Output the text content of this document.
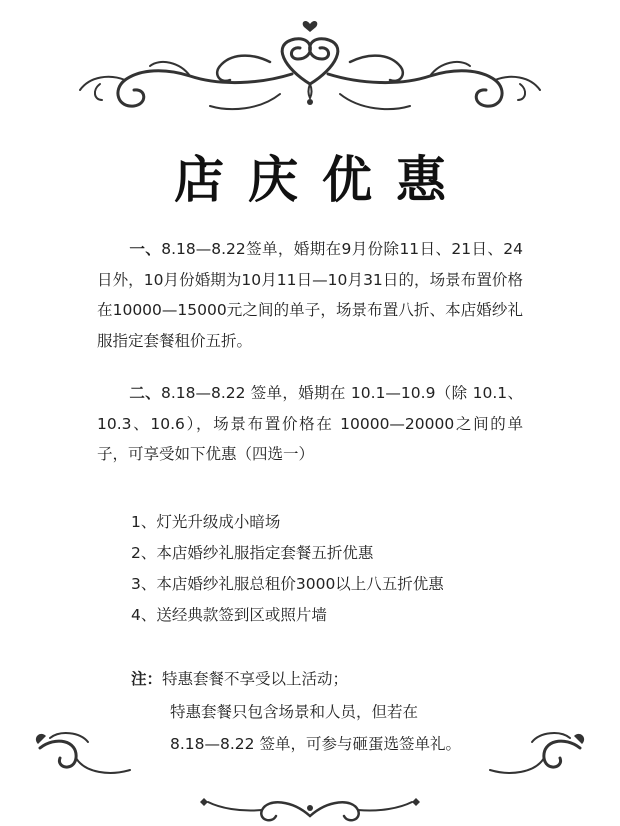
店庆优惠
一、8.18—8.22签单，婚期在9月份除11日、21日、24日外，10月份婚期为10月11日—10月31日的，场景布置价格在10000—15000元之间的单子，场景布置八折、本店婚纱礼服指定套餐租价五折。
二、8.18—8.22 签单，婚期在 10.1—10.9（除 10.1、10.3、10.6），场景布置价格在 10000—20000之间的单子，可享受如下优惠（四选一）
1、灯光升级成小暗场
2、本店婚纱礼服指定套餐五折优惠
3、本店婚纱礼服总租价3000以上八五折优惠
4、送经典款签到区或照片墙
注：特惠套餐不享受以上活动；
特惠套餐只包含场景和人员，但若在
8.18—8.22 签单，可参与砸蛋选签单礼。
